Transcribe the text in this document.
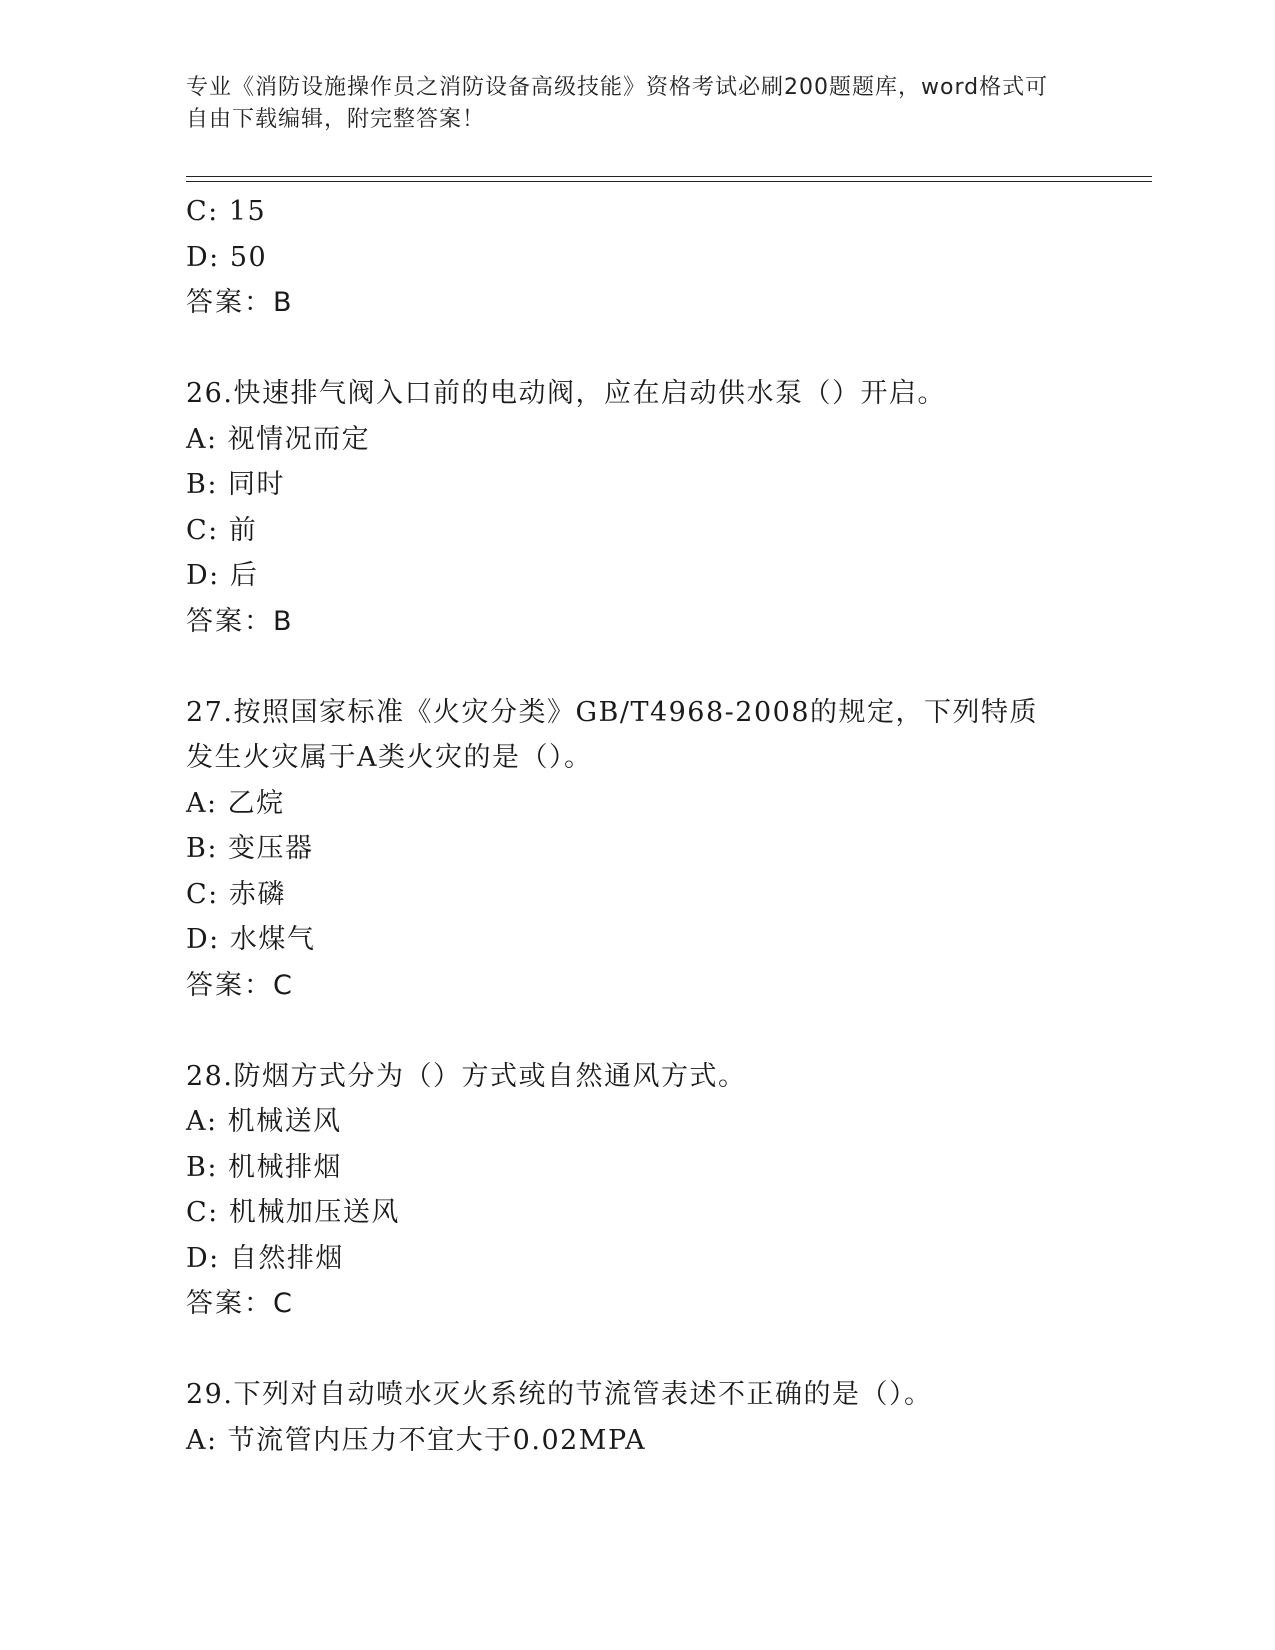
专业《消防设施操作员之消防设备高级技能》资格考试必刷200题题库，word格式可自由下载编辑，附完整答案！
C: 15
D: 50
答案：B
26.快速排气阀入口前的电动阀，应在启动供水泵（）开启。
A: 视情况而定
B: 同时
C: 前
D: 后
答案：B
27.按照国家标准《火灾分类》GB/T4968-2008的规定，下列特质发生火灾属于A类火灾的是（）。
A: 乙烷
B: 变压器
C: 赤磷
D: 水煤气
答案：C
28.防烟方式分为（）方式或自然通风方式。
A: 机械送风
B: 机械排烟
C: 机械加压送风
D: 自然排烟
答案：C
29.下列对自动喷水灭火系统的节流管表述不正确的是（）。
A: 节流管内压力不宜大于0.02MPA
